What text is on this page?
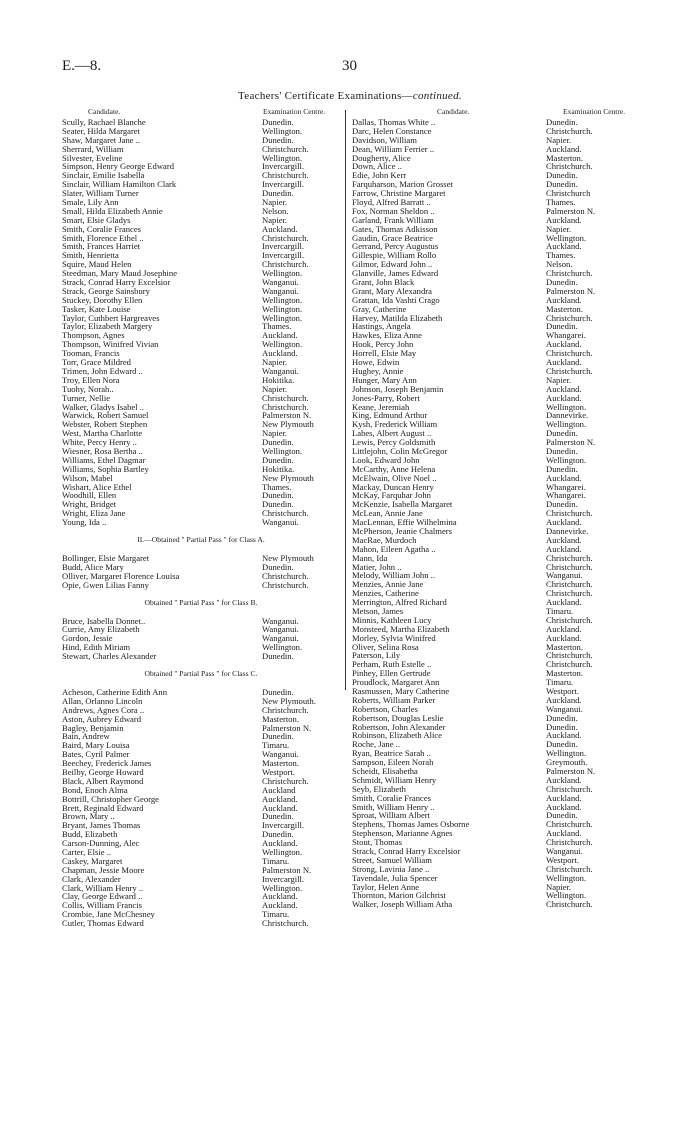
E.—8.	30
Teachers' Certificate Examinations—continued.
Candidate.	Examination Centre.	Candidate.	Examination Centre.
Scully, Rachael Blanche	Dunedin.
Seater, Hilda Margaret	Wellington.
Shaw, Margaret Jane ..	Dunedin.
Sherrard, William	Christchurch.
Silvester, Eveline	Wellington.
Simpson, Henry George Edward	Invercargill.
Sinclair, Emilie Isabella	Christchurch.
Sinclair, William Hamilton Clark	Invercargill.
Slater, William Turner	Dunedin.
Smale, Lily Ann	Napier.
Small, Hilda Elizabeth Annie	Nelson.
Smart, Elsie Gladys	Napier.
Smith, Coralie Frances	Auckland.
Smith, Florence Ethel ..	Christchurch.
Smith, Frances Harriet	Invercargill.
Smith, Henrietta	Invercargill.
Squire, Maud Helen	Christchurch.
Steedman, Mary Maud Josephine	Wellington.
Strack, Conrad Harry Excelsior	Wanganui.
Strack, George Sainsbury	Wanganui.
Stuckey, Dorothy Ellen	Wellington.
Tasker, Kate Louise	Wellington.
Taylor, Cuthbert Hargreaves	Wellington.
Taylor, Elizabeth Margery	Thames.
Thompson, Agnes	Auckland.
Thompson, Winifred Vivian	Wellington.
Tooman, Francis	Auckland.
Torr, Grace Mildred	Napier.
Trimen, John Edward ..	Wanganui.
Troy, Ellen Nora	Hokitika.
Tuohy, Norah..	Napier.
Turner, Nellie	Christchurch.
Walker, Gladys Isabel ..	Christchurch.
Warwick, Robert Samuel	Palmerston N.
Webster, Robert Stephen	New Plymouth
West, Martha Charlotte	Napier.
White, Percy Henry ..	Dunedin.
Wiesner, Rosa Bertha ..	Wellington.
Williams, Ethel Dagmar	Dunedin.
Williams, Sophia Bartley	Hokitika.
Wilson, Mabel	New Plymouth
Wishart, Alice Ethel	Thames.
Woodhill, Ellen	Dunedin.
Wright, Bridget	Dunedin.
Wright, Eliza Jane	Christchurch.
Young, Ida ..	Wanganui.
II.—Obtained " Partial Pass " for Class A.
Bollinger, Elsie Margaret	New Plymouth
Budd, Alice Mary	Dunedin.
Olliver, Margaret Florence Louisa	Christchurch.
Opie, Gwen Lilias Fanny	Christchurch.
Obtained " Partial Pass " for Class B.
Bruce, Isabella Donnet..	Wanganui.
Currie, Amy Elizabeth	Wanganui.
Gordon, Jessie	Wanganui.
Hind, Edith Miriam	Wellington.
Stewart, Charles Alexander	Dunedin.
Obtained " Partial Pass " for Class C.
Acheson, Catherine Edith Ann	Dunedin.
Allan, Orlanno Lincoln	New Plymouth.
Andrews, Agnes Cora ..	Christchurch.
Aston, Aubrey Edward	Masterton.
Bagley, Benjamin	Palmerston N.
Bain, Andrew	Dunedin.
Baird, Mary Louisa	Timaru.
Bates, Cyril Palmer	Wanganui.
Beechey, Frederick James	Masterton.
Beilby, George Howard	Westport.
Black, Albert Raymond	Christchurch.
Bond, Enoch Alma	Auckland
Bottrill, Christopher George	Auckland.
Brett, Reginald Edward	Auckland.
Brown, Mary ..	Dunedin.
Bryant, James Thomas	Invercargill.
Budd, Elizabeth	Dunedin.
Carson-Dunning, Alec	Auckland.
Carter, Elsie ..	Wellington.
Caskey, Margaret	Timaru.
Chapman, Jessie Moore	Palmerston N.
Clark, Alexander	Invercargill.
Clark, William Henry ..	Wellington.
Clay, George Edward ..	Auckland.
Collis, William Francis	Auckland.
Crombie, Jane McChesney	Timaru.
Cutler, Thomas Edward	Christchurch.
Dallas, Thomas White ..	Dunedin.
Darc, Helen Constance	Christchurch.
Davidson, William	Napier.
Dean, William Ferrier ..	Auckland.
Dougherty, Alice	Masterton.
Down, Alice ..	Christchurch.
Edie, John Kerr	Dunedin.
Farquharson, Marion Grosset	Dunedin.
Farrow, Christine Margaret	Christchurch
Floyd, Alfred Barratt ..	Thames.
Fox, Norman Sheldon ..	Palmerston N.
Garland, Frank William	Auckland.
Gates, Thomas Adkisson	Napier.
Gaudin, Grace Beatrice	Wellington.
Gerrand, Percy Augustus	Auckland.
Gillespie, William Rollo	Thames.
Gilmor, Edward John ..	Nelson.
Glanville, James Edward	Christchurch.
Grant, John Black	Dunedin.
Grant, Mary Alexandra	Palmerston N.
Grattan, Ida Vashti Crago	Auckland.
Gray, Catherine	Masterton.
Harvey, Matilda Elizabeth	Christchurch.
Hastings, Angela	Dunedin.
Hawkes, Eliza Anne	Whangarei.
Hook, Percy John	Auckland.
Horrell, Elsie May	Christchurch.
Howe, Edwin	Auckland.
Hughey, Annie	Christchurch.
Hunger, Mary Ann	Napier.
Johnson, Joseph Benjamin	Auckland.
Jones-Parry, Robert	Auckland.
Keane, Jeremiah	Wellington.
King, Edmund Arthur	Dannevirke.
Kysh, Frederick William	Wellington.
Labes, Albert August ..	Dunedin.
Lewis, Percy Goldsmith	Palmerston N.
Littlejohn, Colin McGregor	Dunedin.
Look, Edward John	Wellington.
McCarthy, Anne Helena	Dunedin.
McElwain, Olive Noel ..	Auckland.
Mackay, Duncan Henry	Whangarei.
McKay, Farquhar John	Whangarei.
McKenzie, Isabella Margaret	Dunedin.
McLean, Annie Jane	Christchurch.
MacLennan, Effie Wilhelmina	Auckland.
McPherson, Jeanie Chalmers	Dannevirke.
MacRae, Murdoch	Auckland.
Mahon, Eileen Agatha ..	Auckland.
Mann, Ida	Christchurch.
Matier, John ..	Christchurch.
Melody, William John ..	Wanganui.
Menzies, Annie Jane	Christchurch.
Menzies, Catherine	Christchurch.
Merrington, Alfred Richard	Auckland.
Metson, James	Timaru.
Minnis, Kathleen Lucy	Christchurch.
Monsteed, Martha Elizabeth	Auckland.
Morley, Sylvia Winifred	Auckland.
Oliver, Selina Rosa	Masterton.
Paterson, Lily	Christchurch.
Perham, Ruth Estelle ..	Christchurch.
Pinhey, Ellen Gertrude	Masterton.
Proudlock, Margaret Ann	Timaru.
Rasmussen, Mary Catherine	Westport.
Roberts, William Parker	Auckland.
Robertson, Charles	Wanganui.
Robertson, Douglas Leslie	Dunedin.
Robertson, John Alexander	Dunedin.
Robinson, Elizabeth Alice	Auckland.
Roche, Jane ..	Dunedin.
Ryan, Beatrice Sarah ..	Wellington.
Sampson, Eileen Norah	Greymouth.
Scheidt, Elisabetha	Palmerston N.
Schmidt, William Henry	Auckland.
Seyb, Elizabeth	Christchurch.
Smith, Coralie Frances	Auckland.
Smith, William Henry ..	Auckland.
Sproat, William Albert	Dunedin.
Stephens, Thomas James Osborne	Christchurch.
Stephenson, Marianne Agnes	Auckland.
Stout, Thomas	Christchurch.
Strack, Conrad Harry Excelsior	Wanganui.
Street, Samuel William	Westport.
Strong, Lavinia Jane ..	Christchurch.
Tavendale, Julia Spencer	Wellington.
Taylor, Helen Anne	Napier.
Thornton, Marion Gilchrist	Wellington.
Walker, Joseph William Atha	Christchurch.
